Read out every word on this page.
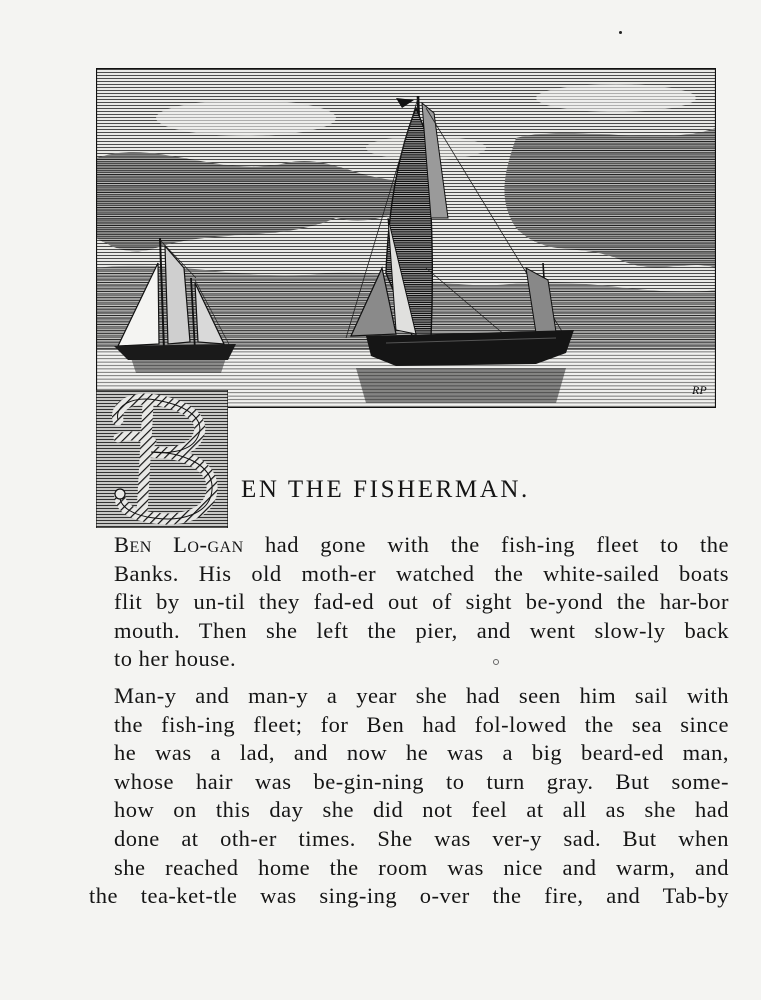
RP
EN THE FISHERMAN.

Ben Lo-gan had gone with the fish-ing fleet to the
Banks. His old moth-er watched the white-sailed boats
flit by un-til they fad-ed out of sight be-yond the har-bor
mouth. Then she left the pier, and went slow-ly back
to her house.

Man-y and man-y a year she had seen him sail with
the fish-ing fleet; for Ben had fol-lowed the sea since
he was a lad, and now he was a big beard-ed man,
whose hair was be-gin-ning to turn gray. But some-
how on this day she did not feel at all as she had
done at oth-er times. She was ver-y sad. But when
she reached home the room was nice and warm, and
the tea-ket-tle was sing-ing o-ver the fire, and Tab-by
